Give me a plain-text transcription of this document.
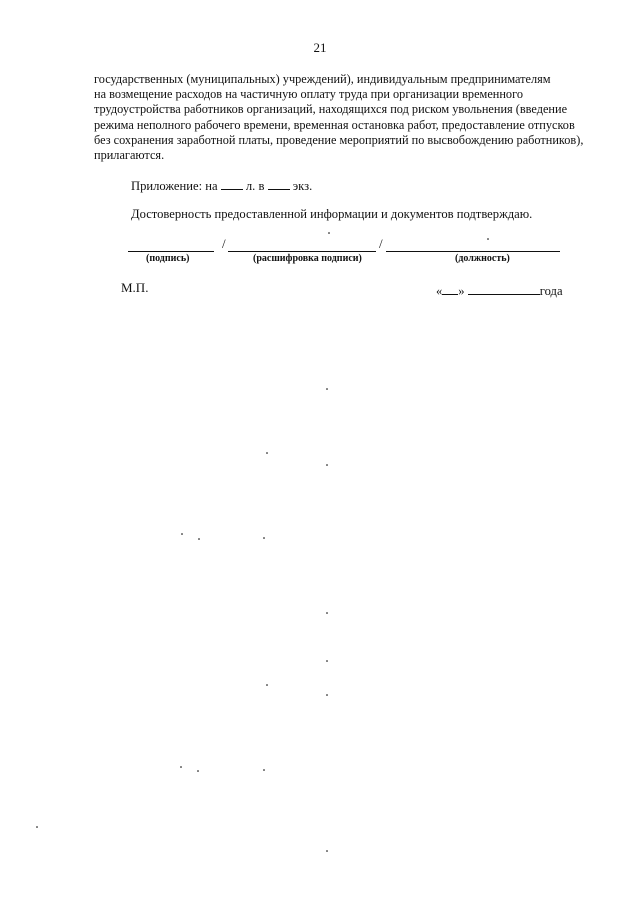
21
государственных (муниципальных) учреждений), индивидуальным предпринимателям
на возмещение расходов на частичную оплату труда при организации временного
трудоустройства работников организаций, находящихся под риском увольнения (введение
режима неполного рабочего времени, временная остановка работ, предоставление отпусков
без сохранения заработной платы, проведение мероприятий по высвобождению работников),
прилагаются.
Приложение: на л. в экз.
Достоверность предоставленной информации и документов подтверждаю.
/	/
(подпись)	(расшифровка подписи)	(должность)
М.П.	« »	года
